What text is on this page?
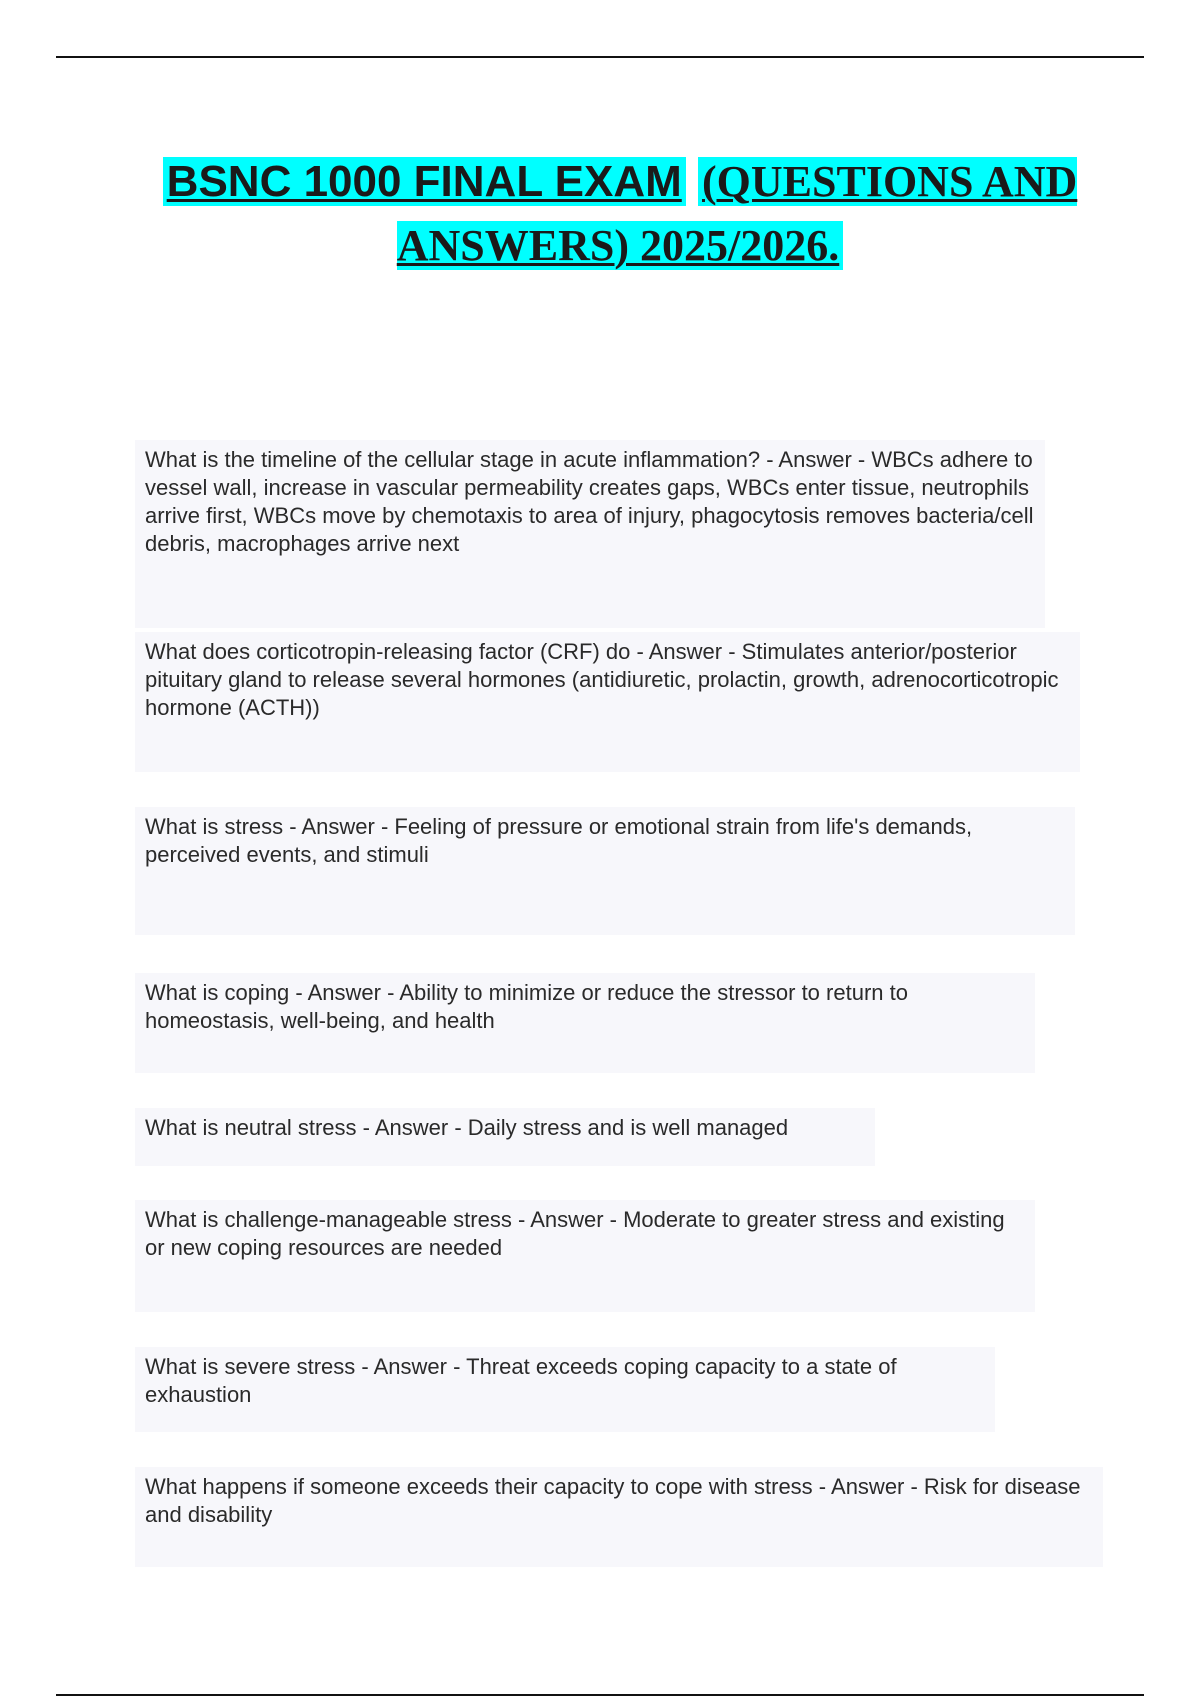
BSNC 1000 FINAL EXAM (QUESTIONS AND ANSWERS) 2025/2026.

What is the timeline of the cellular stage in acute inflammation? - Answer - WBCs adhere to vessel wall, increase in vascular permeability creates gaps, WBCs enter tissue, neutrophils arrive first, WBCs move by chemotaxis to area of injury, phagocytosis removes bacteria/cell debris, macrophages arrive next

What does corticotropin-releasing factor (CRF) do - Answer - Stimulates anterior/posterior pituitary gland to release several hormones (antidiuretic, prolactin, growth, adrenocorticotropic hormone (ACTH))

What is stress - Answer - Feeling of pressure or emotional strain from life's demands, perceived events, and stimuli

What is coping - Answer - Ability to minimize or reduce the stressor to return to homeostasis, well-being, and health

What is neutral stress - Answer - Daily stress and is well managed

What is challenge-manageable stress - Answer - Moderate to greater stress and existing or new coping resources are needed

What is severe stress - Answer - Threat exceeds coping capacity to a state of exhaustion

What happens if someone exceeds their capacity to cope with stress - Answer - Risk for disease and disability
